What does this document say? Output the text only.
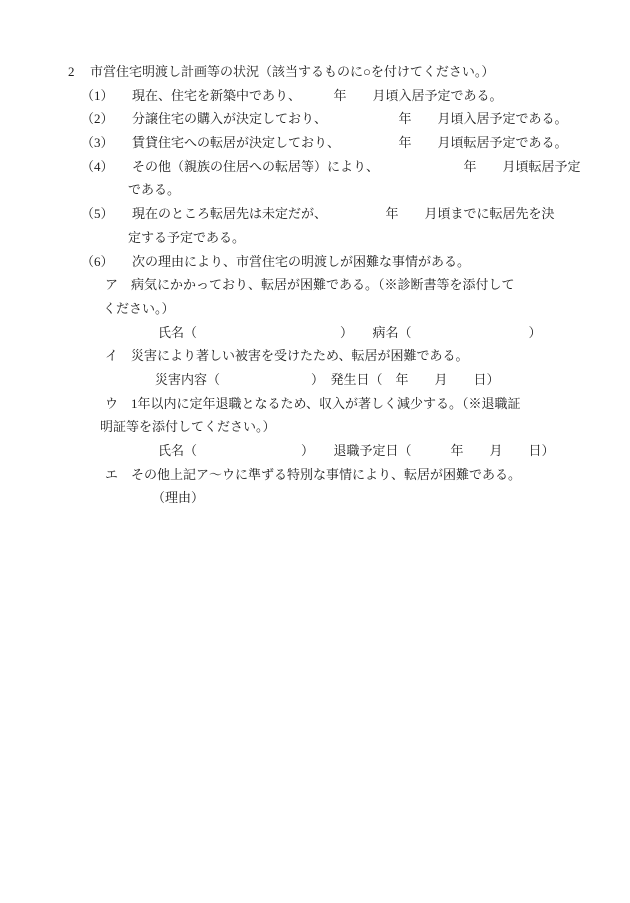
2 市営住宅明渡し計画等の状況（該当するものに○を付けてください。）
（1） 現在、住宅を新築中であり、　　　年　　月頃入居予定である。
（2） 分譲住宅の購入が決定しており、　　　　　　年　　月頃入居予定である。
（3） 賃貸住宅への転居が決定しており、　　　　　年　　月頃転居予定である。
（4） その他（親族の住居への転居等）により、　　　　　　　年　　月頃転居予定
である。
（5） 現在のところ転居先は未定だが、　　　　　年　　月頃までに転居先を決
定する予定である。
（6） 次の理由により、市営住宅の明渡しが困難な事情がある。
ア 病気にかかっており、転居が困難である。（※診断書等を添付して
ください。）
氏名（　　　　　　　　　　　）　　病名（　　　　　　　　　）
イ 災害により著しい被害を受けたため、転居が困難である。
災害内容（　　　　　　　）　発生日（　年　　月　　日）
ウ 1年以内に定年退職となるため、収入が著しく減少する。（※退職証
明証等を添付してください。）
氏名（　　　　　　　　）　　退職予定日（　　　年　　月　　日）
エ その他上記ア～ウに準ずる特別な事情により、転居が困難である。
（理由）
